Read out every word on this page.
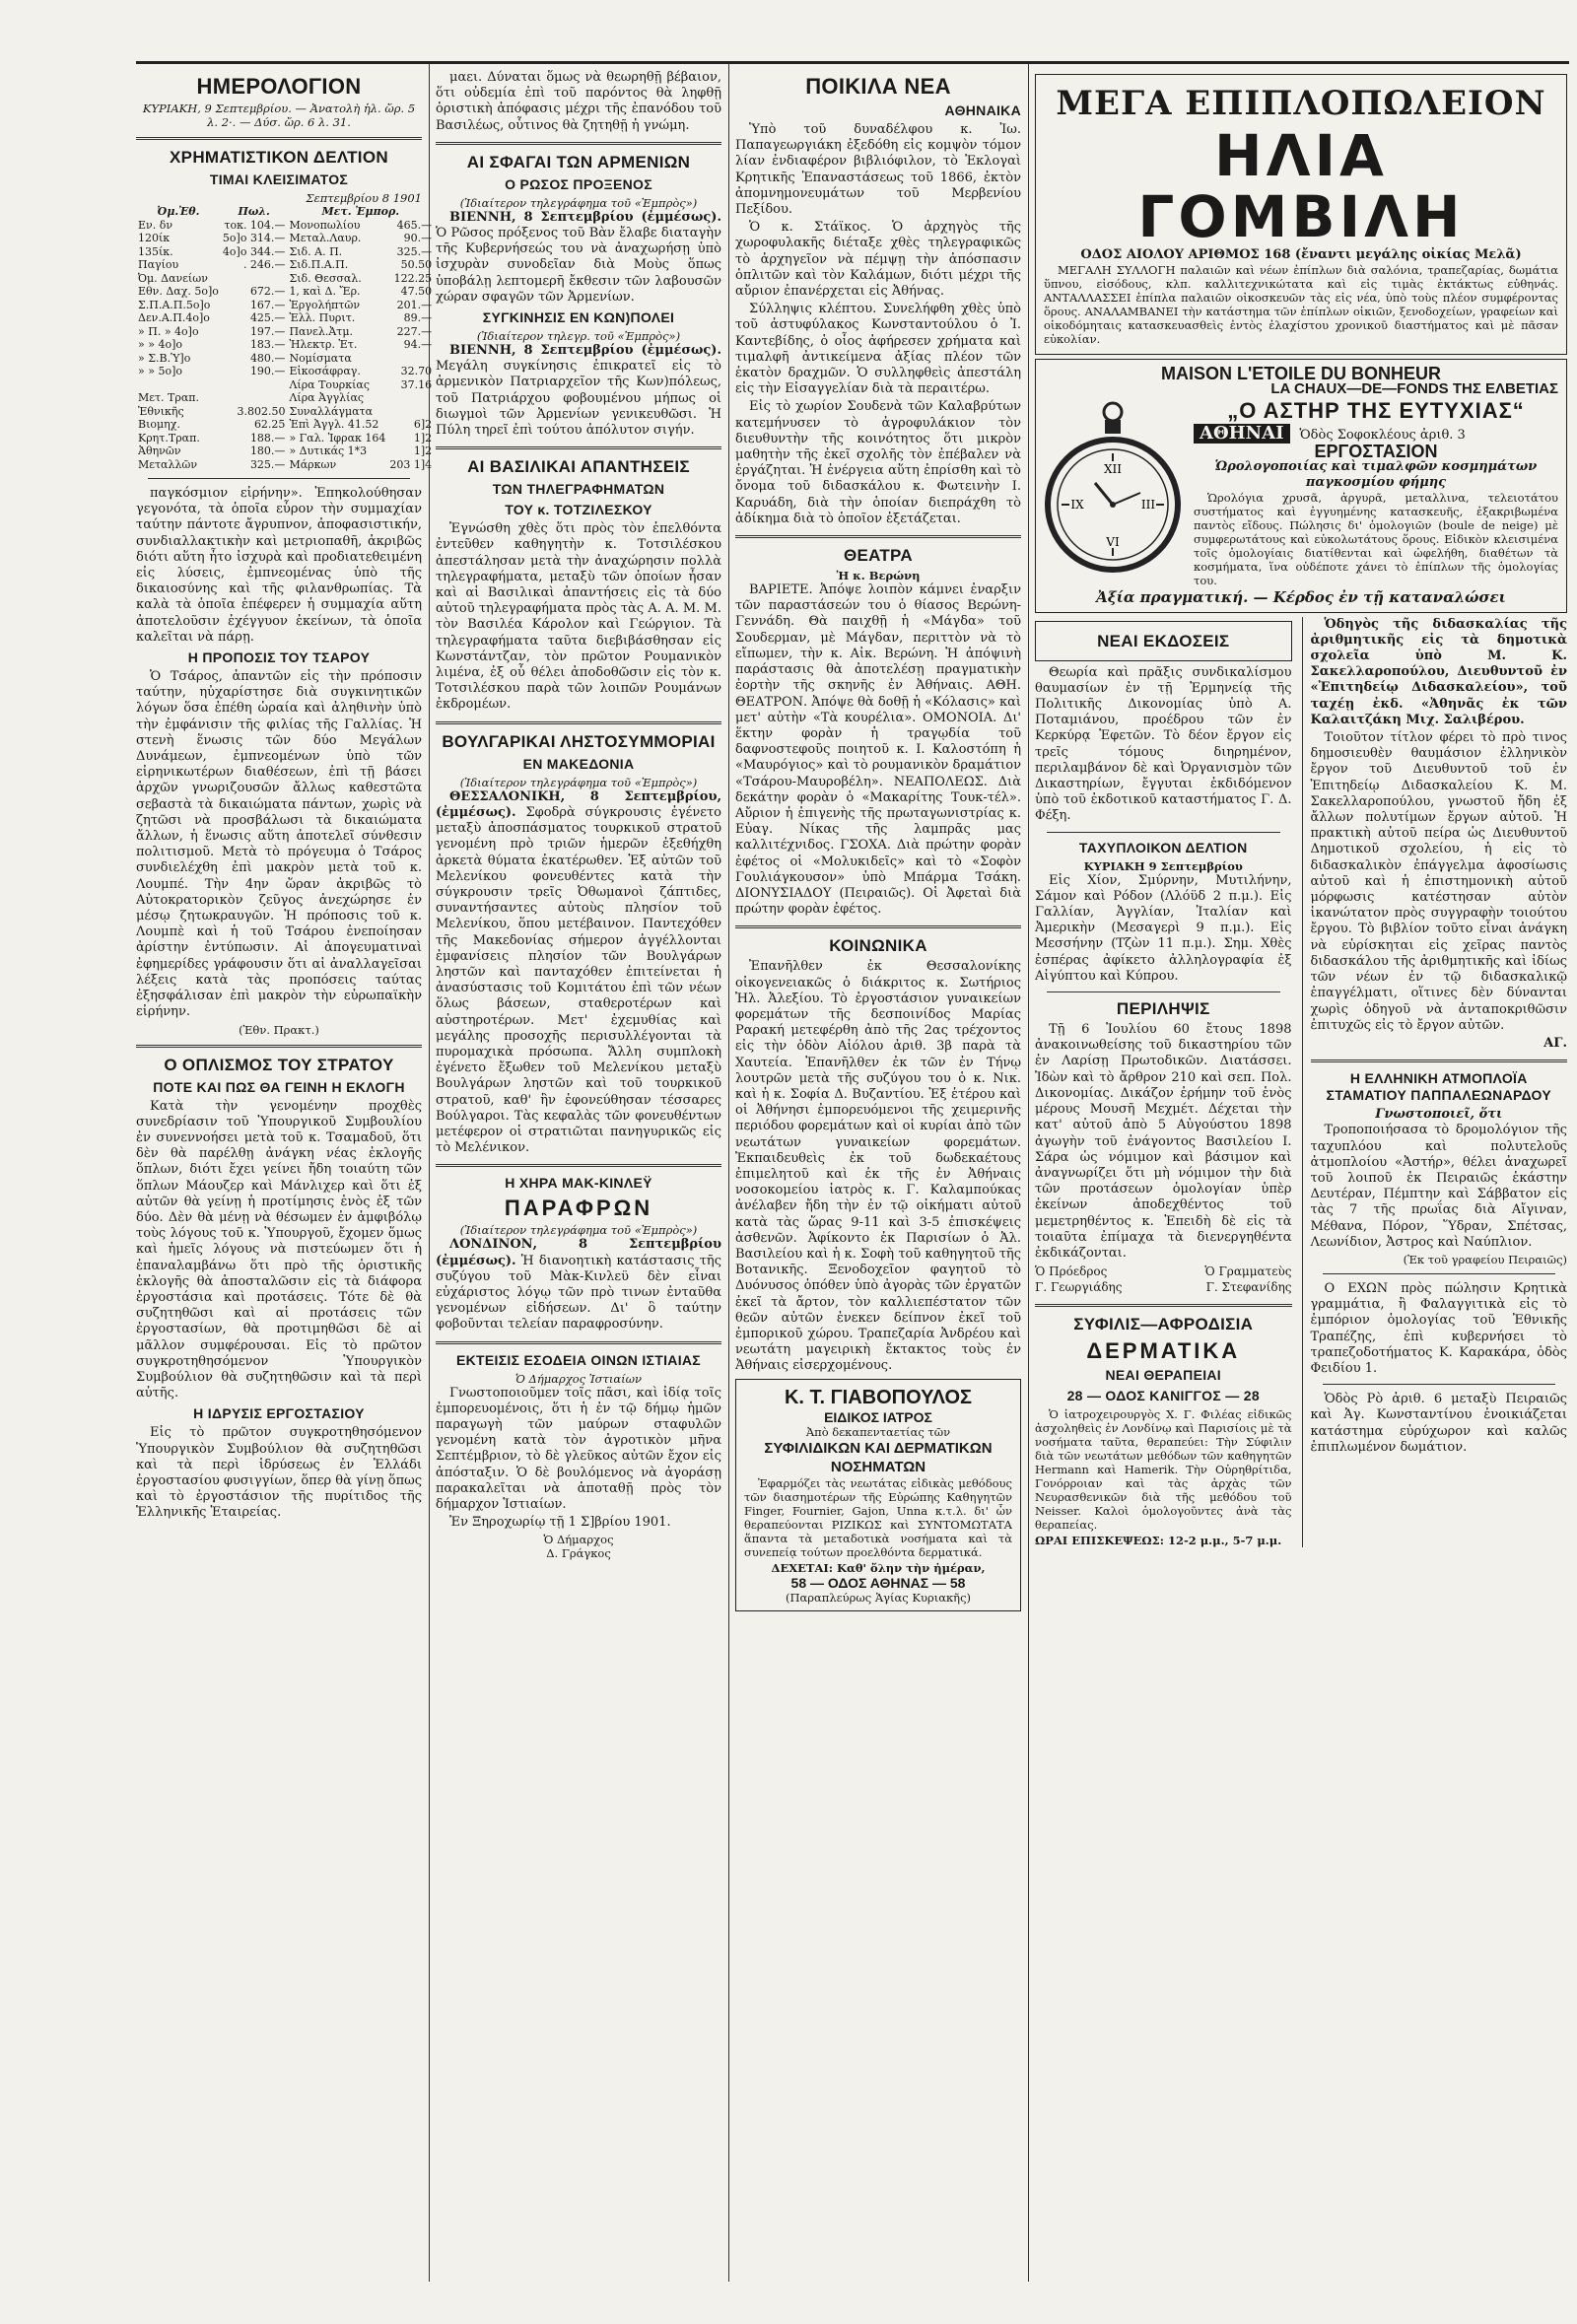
ΗΜΕΡΟΛΟΓΙΟΝ
ΚΥΡΙΑΚΗ, 9 Σεπτεμβρίου. — Ἀνατολὴ ἡλ. ὥρ. 5 λ. 2·. — Δύσ. ὥρ. 6 λ. 31.
ΧΡΗΜΑΤΙΣΤΙΚΟΝ ΔΕΛΤΙΟΝ
ΤΙΜΑΙ ΚΛΕΙΣΙΜΑΤΟΣ
Σεπτεμβρίου 8 1901
Ὀμ.Ἐθ.	Πωλ.	Μετ. Ἐμπορ.	
Εν. δν	τοκ. 104.—	Μονοπωλίου	465.—
120ίκ	5ο]ο 314.—	Μεταλ.Λαυρ.	90.—
135ίκ.	4ο]ο 344.—	Σιδ. Α. Π.	325.—
Παγίου	. 246.—	Σιδ.Π.Α.Π.	50.50
Ὀμ. Δανείων		Σιδ. Θεσσαλ.	122.25
Εθν. Δαχ. 5ο]ο	672.—	1, καὶ Δ. Ἔρ.	47.50
Σ.Π.Α.Π.5ο]ο	167.—	Ἐργολήπτῶν	201.—
Δεν.Α.Π.4ο]ο	425.—	Ἑλλ. Πυριτ.	89.—
» Π. » 4ο]ο	197.—	Πανελ.Ἀτμ.	227.—
» » 4ο]ο	183.—	Ἠλεκτρ. Ἑτ.	94.—
» Σ.Β.Ὑ]ο	480.—	Νομίσματα	
» » 5ο]ο	190.—	Εἰκοσάφραγ.	32.70
		Λίρα Τουρκίας	37.16
Μετ. Τραπ.		Λίρα Ἀγγλίας	
Ἐθνικῆς	3.802.50	Συναλλάγματα	
Βιομηχ.	62.25	Ἐπὶ Ἀγγλ. 41.52	6]2
Κρητ.Τραπ.	188.—	» Γαλ. Ἰφρακ 164	1]2
Ἀθηνῶν	180.—	» Δυτικάς 1*3	1]2
Μεταλλῶν	325.—	Μάρκων	203 1]4

παγκόσμιον εἰρήνην». Ἐπηκολούθησαν γεγονότα, τὰ ὁποῖα εὗρον τὴν συμμαχίαν ταύτην πάντοτε ἄγρυπνον, ἀποφασιστικήν, συνδιαλλακτικὴν καὶ μετριοπαθῆ, ἀκριβῶς διότι αὕτη ἦτο ἰσχυρὰ καὶ προδιατεθειμένη εἰς λύσεις, ἐμπνεομένας ὑπὸ τῆς δικαιοσύνης καὶ τῆς φιλανθρωπίας. Τὰ καλὰ τὰ ὁποῖα ἐπέφερεν ἡ συμμαχία αὕτη ἀποτελοῦσιν ἐχέγγυον ἐκείνων, τὰ ὁποῖα καλεῖται νὰ πάρῃ.

Η ΠΡΟΠΟΣΙΣ ΤΟΥ ΤΣΑΡΟΥ

Ὁ Τσάρος, ἀπαντῶν εἰς τὴν πρόποσιν ταύτην, ηὐχαρίστησε διὰ συγκινητικῶν λόγων ὅσα ἐπέθη ὡραία καὶ ἀληθινὴν ὑπὸ τὴν ἐμφάνισιν τῆς φιλίας τῆς Γαλλίας. Ἡ στενὴ ἕνωσις τῶν δύο Μεγάλων Δυνάμεων, ἐμπνεομένων ὑπὸ τῶν εἰρηνικωτέρων διαθέσεων, ἐπὶ τῇ βάσει ἀρχῶν γνωριζουσῶν ἄλλως καθεστῶτα σεβαστὰ τὰ δικαιώματα πάντων, χωρὶς νὰ ζητῶσι νὰ προσβάλωσι τὰ δικαιώματα ἄλλων, ἡ ἕνωσις αὕτη ἀποτελεῖ σύνθεσιν πολιτισμοῦ. Μετὰ τὸ πρόγευμα ὁ Τσάρος συνδιελέχθη ἐπὶ μακρὸν μετὰ τοῦ κ. Λουμπέ. Τὴν 4ην ὥραν ἀκριβῶς τὸ Αὐτοκρατορικὸν ζεῦγος ἀνεχώρησε ἐν μέσῳ ζητωκραυγῶν. Ἡ πρόποσις τοῦ κ. Λουμπὲ καὶ ἡ τοῦ Τσάρου ἐνεποίησαν ἀρίστην ἐντύπωσιν. Αἱ ἀπογευματιναὶ ἐφημερίδες γράφουσιν ὅτι αἱ ἀναλλαγεῖσαι λέξεις κατὰ τὰς προπόσεις ταύτας ἐξησφάλισαν ἐπὶ μακρὸν τὴν εὐρωπαϊκὴν εἰρήνην.

(Ἐθν. Πρακτ.)
Ο ΟΠΛΙΣΜΟΣ ΤΟΥ ΣΤΡΑΤΟΥ
ΠΟΤΕ ΚΑΙ ΠΩΣ ΘΑ ΓΕΙΝΗ Η ΕΚΛΟΓΗ

Κατὰ τὴν γενομένην προχθὲς συνεδρίασιν τοῦ Ὑπουργικοῦ Συμβουλίου ἐν συνεννοήσει μετὰ τοῦ κ. Τσαμαδοῦ, ὅτι δὲν θὰ παρέλθῃ ἀνάγκη νέας ἐκλογῆς ὅπλων, διότι ἔχει γείνει ἤδη τοιαύτη τῶν ὅπλων Μάουζερ καὶ Μάνλιχερ καὶ ὅτι ἐξ αὐτῶν θὰ γείνῃ ἡ προτίμησις ἑνὸς ἐξ τῶν δύο. Δὲν θὰ μένῃ νὰ θέσωμεν ἐν ἀμφιβόλῳ τοὺς λόγους τοῦ κ. Ὑπουργοῦ, ἔχομεν ὅμως καὶ ἡμεῖς λόγους νὰ πιστεύωμεν ὅτι ἡ ἐπαναλαμβάνω ὅτι πρὸ τῆς ὁριστικῆς ἐκλογῆς θὰ ἀποσταλῶσιν εἰς τὰ διάφορα ἐργοστάσια καὶ προτάσεις. Τότε δὲ θὰ συζητηθῶσι καὶ αἱ προτάσεις τῶν ἐργοστασίων, θὰ προτιμηθῶσι δὲ αἱ μᾶλλον συμφέρουσαι. Εἰς τὸ πρῶτον συγκροτηθησόμενον Ὑπουργικὸν Συμβούλιον θὰ συζητηθῶσιν καὶ τὰ περὶ αὐτῆς.

Η ΙΔΡΥΣΙΣ ΕΡΓΟΣΤΑΣΙΟΥ

Εἰς τὸ πρῶτον συγκροτηθησόμενον Ὑπουργικὸν Συμβούλιον θὰ συζητηθῶσι καὶ τὰ περὶ ἱδρύσεως ἐν Ἑλλάδι ἐργοστασίου φυσιγγίων, ὅπερ θὰ γίνῃ ὅπως καὶ τὸ ἐργοστάσιον τῆς πυρίτιδος τῆς Ἑλληνικῆς Ἑταιρείας.

μαει. Δύναται ὅμως νὰ θεωρηθῇ βέβαιον, ὅτι οὐδεμία ἐπὶ τοῦ παρόντος θὰ ληφθῇ ὁριστικὴ ἀπόφασις μέχρι τῆς ἐπανόδου τοῦ Βασιλέως, οὗτινος θὰ ζητηθῇ ἡ γνώμη.

ΑΙ ΣΦΑΓΑΙ ΤΩΝ ΑΡΜΕΝΙΩΝ
Ο ΡΩΣΟΣ ΠΡΟΞΕΝΟΣ
(Ἰδιαίτερον τηλεγράφημα τοῦ «Ἐμπρὸς»)

ΒΙΕΝΝΗ, 8 Σεπτεμβρίου (ἐμμέσως). Ὁ Ρῶσος πρόξενος τοῦ Βὰν ἔλαβε διαταγὴν τῆς Κυβερνήσεώς του νὰ ἀναχωρήσῃ ὑπὸ ἰσχυρὰν συνοδεῖαν διὰ Μοὺς ὅπως ὑποβάλῃ λεπτομερῆ ἔκθεσιν τῶν λαβουσῶν χώραν σφαγῶν τῶν Ἀρμενίων.

ΣΥΓΚΙΝΗΣΙΣ ΕΝ ΚΩΝ)ΠΟΛΕΙ
(Ἰδιαίτερον τηλεγρ. τοῦ «Ἐμπρὸς»)

ΒΙΕΝΝΗ, 8 Σεπτεμβρίου (ἐμμέσως). Μεγάλη συγκίνησις ἐπικρατεῖ εἰς τὸ ἀρμενικὸν Πατριαρχεῖον τῆς Κων)πόλεως, τοῦ Πατριάρχου φοβουμένου μήπως οἱ διωγμοὶ τῶν Ἀρμενίων γενικευθῶσι. Ἡ Πύλη τηρεῖ ἐπὶ τούτου ἀπόλυτον σιγήν.

ΑΙ ΒΑΣΙΛΙΚΑΙ ΑΠΑΝΤΗΣΕΙΣ
ΤΩΝ ΤΗΛΕΓΡΑΦΗΜΑΤΩΝ
ΤΟΥ κ. ΤΟΤΖΙΛΕΣΚΟΥ

Ἐγνώσθη χθὲς ὅτι πρὸς τὸν ἐπελθόντα ἐντεῦθεν καθηγητὴν κ. Τοτσιλέσκου ἀπεστάλησαν μετὰ τὴν ἀναχώρησιν πολλὰ τηλεγραφήματα, μεταξὺ τῶν ὁποίων ἦσαν καὶ αἱ Βασιλικαὶ ἀπαντήσεις εἰς τὰ δύο αὐτοῦ τηλεγραφήματα πρὸς τὰς Α. Α. Μ. Μ. τὸν Βασιλέα Κάρολον καὶ Γεώργιον. Τὰ τηλεγραφήματα ταῦτα διεβιβάσθησαν εἰς Κωνστάντζαν, τὸν πρῶτον Ρουμανικὸν λιμένα, ἐξ οὗ θέλει ἀποδοθῶσιν εἰς τὸν κ. Τοτσιλέσκου παρὰ τῶν λοιπῶν Ρουμάνων ἐκδρομέων.

ΒΟΥΛΓΑΡΙΚΑΙ ΛΗΣΤΟΣΥΜΜΟΡΙΑΙ
ΕΝ ΜΑΚΕΔΟΝΙΑ
(Ἰδιαίτερον τηλεγράφημα τοῦ «Ἐμπρὸς»)

ΘΕΣΣΑΛΟΝΙΚΗ, 8 Σεπτεμβρίου, (ἐμμέσως). Σφοδρὰ σύγκρουσις ἐγένετο μεταξὺ ἀποσπάσματος τουρκικοῦ στρατοῦ γενομένη πρὸ τριῶν ἡμερῶν ἐξεθήχθη ἀρκετὰ θύματα ἐκατέρωθεν. Ἐξ αὐτῶν τοῦ Μελενίκου φονευθέντες κατὰ τὴν σύγκρουσιν τρεῖς Ὀθωμανοὶ ζάπτιδες, συναντήσαντες αὐτοὺς πλησίον τοῦ Μελενίκου, ὅπου μετέβαινον. Παντεχόθεν τῆς Μακεδονίας σήμερον ἀγγέλλονται ἐμφανίσεις πλησίον τῶν Βουλγάρων ληστῶν καὶ πανταχόθεν ἐπιτείνεται ἡ ἀνασύστασις τοῦ Κομιτάτου ἐπὶ τῶν νέων ὅλως βάσεων, σταθεροτέρων καὶ αὐστηροτέρων. Μετ' ἐχεμυθίας καὶ μεγάλης προσοχῆς περισυλλέγονται τὰ πυρομαχικὰ πρόσωπα. Ἄλλη συμπλοκὴ ἐγένετο ἔξωθεν τοῦ Μελενίκου μεταξὺ Βουλγάρων ληστῶν καὶ τοῦ τουρκικοῦ στρατοῦ, καθ' ἣν ἐφονεύθησαν τέσσαρες Βούλγαροι. Τὰς κεφαλὰς τῶν φονευθέντων μετέφερον οἱ στρατιῶται πανηγυρικῶς εἰς τὸ Μελένικον.

Η ΧΗΡΑ ΜΑΚ-ΚΙΝΛΕΫ
ΠΑΡΑΦΡΩΝ
(Ἰδιαίτερον τηλεγράφημα τοῦ «Ἐμπρὸς»)

ΛΟΝΔΙΝΟΝ, 8 Σεπτεμβρίου (ἐμμέσως). Ἡ διανοητικὴ κατάστασις τῆς συζύγου τοῦ Μὰκ-Κινλεϋ δὲν εἶναι εὐχάριστος λόγῳ τῶν πρὸ τινων ἐνταῦθα γενομένων εἰδήσεων. Δι' ὃ ταύτην φοβοῦνται τελείαν παραφροσύνην.

ΕΚΤΕΙΣΙΣ ΕΣΟΔΕΙΑ ΟΙΝΩΝ ΙΣΤΙΑΙΑΣ
Ὁ Δήμαρχος Ἱστιαίων

Γνωστοποιοῦμεν τοῖς πᾶσι, καὶ ἰδίᾳ τοῖς ἐμπορευομένοις, ὅτι ἡ ἐν τῷ δήμῳ ἡμῶν παραγωγὴ τῶν μαύρων σταφυλῶν γενομένη κατὰ τὸν ἀγροτικὸν μῆνα Σεπτέμβριον, τὸ δὲ γλεῦκος αὐτῶν ἔχον εἰς ἀπόσταξιν. Ὁ δὲ βουλόμενος νὰ ἀγοράσῃ παρακαλεῖται νὰ ἀποταθῇ πρὸς τὸν δήμαρχον Ἱστιαίων.

Ἐν Ξηροχωρίῳ τῇ 1 Σ]βρίου 1901.

Ὁ Δήμαρχος
Δ. Γράγκος
ΠΟΙΚΙΛΑ ΝΕΑ
ΑΘΗΝΑΙΚΑ

Ὑπὸ τοῦ δυναδέλφου κ. Ἰω. Παπαγεωργιάκη ἐξεδόθη εἰς κομψὸν τόμον λίαν ἐνδιαφέρον βιβλιόφιλον, τὸ Ἐκλογαὶ Κρητικῆς Ἐπαναστάσεως τοῦ 1866, ἐκτὸν ἀπομνημονευμάτων τοῦ Μερβενίου Πεξίδου.

Ὁ κ. Στάϊκος. Ὁ ἀρχηγὸς τῆς χωροφυλακῆς διέταξε χθὲς τηλεγραφικῶς τὸ ἀρχηγεῖον νὰ πέμψῃ τὴν ἀπόσπασιν ὁπλιτῶν καὶ τὸν Καλάμων, διότι μέχρι τῆς αὔριον ἐπανέρχεται εἰς Ἀθήνας.

Σύλληψις κλέπτου. Συνελήφθη χθὲς ὑπὸ τοῦ ἀστυφύλακος Κωνσταντούλου ὁ Ἰ. Καντεβίδης, ὁ οἷος ἀφήρεσεν χρήματα καὶ τιμαλφῆ ἀντικείμενα ἀξίας πλέον τῶν ἑκατὸν δραχμῶν. Ὁ συλληφθεὶς ἀπεστάλη εἰς τὴν Εἰσαγγελίαν διὰ τὰ περαιτέρω.

Εἰς τὸ χωρίον Σουδενὰ τῶν Καλαβρύτων κατεμήνυσεν τὸ ἀγροφυλάκιον τὸν διευθυντὴν τῆς κοινότητος ὅτι μικρὸν μαθητὴν τῆς ἐκεῖ σχολῆς τὸν ἐπέβαλεν νὰ ἐργάζηται. Ἡ ἐνέργεια αὕτη ἐπρίσθη καὶ τὸ ὄνομα τοῦ διδασκάλου κ. Φωτεινὴν Ι. Καρυάδη, διὰ τὴν ὁποίαν διεπράχθη τὸ ἀδίκημα διὰ τὸ ὁποῖον ἐξετάζεται.

ΘΕΑΤΡΑ
Ἡ κ. Βερώνη

ΒΑΡΙΕΤΕ. Ἀπόψε λοιπὸν κάμνει ἐναρξιν τῶν παραστάσεών του ὁ θίασος Βερώνη-Γεννάδη. Θὰ παιχθῇ ἡ «Μάγδα» τοῦ Σουδερμαν, μὲ Μάγδαν, περιττὸν νὰ τὸ εἴπωμεν, τὴν κ. Αἰκ. Βερώνη. Ἡ ἀπόψινὴ παράστασις θὰ ἀποτελέσῃ πραγματικὴν ἐορτὴν τῆς σκηνῆς ἐν Ἀθήναις. ΑΘΗ. ΘΕΑΤΡΟΝ. Ἀπόψε θὰ δοθῇ ἡ «Κόλασις» καὶ μετ' αὐτὴν «Τὰ κουρέλια». ΟΜΟΝΟΙΑ. Δι' ἕκτην φορὰν ἡ τραγῳδία τοῦ δαφνοστεφοῦς ποιητοῦ κ. Ι. Καλοστόπη ἡ «Μαυρόγιος» καὶ τὸ ρουμανικὸν δραμάτιον «Τσάρου-Μαυροβέλη». ΝΕΑΠΟΛΕΩΣ. Διὰ δεκάτην φορὰν ὁ «Μακαρίτης Τουκ-τέλ». Αὔριον ἡ ἐπιγενὴς τῆς πρωταγωνιστρίας κ. Εὐαγ. Νίκας τῆς λαμπρᾶς μας καλλιτέχνιδος. ΓΣΟΧΑ. Διὰ πρώτην φορὰν ἐφέτος οἱ «Μολυκιδεῖς» καὶ τὸ «Σοφὸν Γουλιάγκουσον» ὑπὸ Μπάρμα Τσάκη. ΔΙΟΝΥΣΙΑΔΟΥ (Πειραιῶς). Οἱ Ἀφεταὶ διὰ πρώτην φορὰν ἐφέτος.

ΚΟΙΝΩΝΙΚΑ

Ἐπανῆλθεν ἐκ Θεσσαλονίκης οἰκογενειακῶς ὁ διάκριτος κ. Σωτήριος Ἠλ. Ἀλεξίου. Τὸ ἐργοστάσιον γυναικείων φορεμάτων τῆς δεσποινίδος Μαρίας Ραρακή μετεφέρθη ἀπὸ τῆς 2ας τρέχοντος εἰς τὴν ὁδὸν Αἰόλου ἀριθ. 3β παρὰ τὰ Χαυτεία. Ἐπανῆλθεν ἐκ τῶν ἐν Τήνῳ λουτρῶν μετὰ τῆς συζύγου του ὁ κ. Νικ. καὶ ἡ κ. Σοφία Δ. Βυζαντίου. Ἐξ ἑτέρου καὶ οἱ Ἀθήνησι ἐμπορευόμενοι τῆς χειμερινῆς περιόδου φορεμάτων καὶ οἱ κυρίαι ἀπὸ τῶν νεωτάτων γυναικείων φορεμάτων. Ἐκπαιδευθεὶς ἐκ τοῦ δωδεκαέτους ἐπιμελητοῦ καὶ ἐκ τῆς ἐν Ἀθήναις νοσοκομείου ἰατρὸς κ. Γ. Καλαμπούκας ἀνέλαβεν ἤδη τὴν ἐν τῷ οἰκήματι αὐτοῦ κατὰ τὰς ὥρας 9-11 καὶ 3-5 ἐπισκέψεις ἀσθενῶν. Ἀφίκοντο ἐκ Παρισίων ὁ Ἀλ. Βασιλείου καὶ ἡ κ. Σοφὴ τοῦ καθηγητοῦ τῆς Βοτανικῆς. Ξενοδοχεῖον φαγητοῦ τὸ Δυόνυσος ὁπόθεν ὑπὸ ἀγορὰς τῶν ἐργατῶν ἐκεῖ τὰ ἄρτον, τὸν καλλιεπέστατον τῶν θεῶν αὐτῶν ἐνεκεν δείπνον ἐκεῖ τοῦ ἐμπορικοῦ χώρου. Τραπεζαρία Ἀνδρέου καὶ νεωτάτη μαγειρικὴ ἔκτακτος τοὺς ἐν Ἀθήναις εἰσερχομένους.

Κ. Τ. ΓΙΑΒΟΠΟΥΛΟΣ
ΕΙΔΙΚΟΣ ΙΑΤΡΟΣ
Ἀπὸ δεκαπενταετίας τῶν
ΣΥΦΙΛΙΔΙΚΩΝ ΚΑΙ ΔΕΡΜΑΤΙΚΩΝ ΝΟΣΗΜΑΤΩΝ

Ἐφαρμόζει τὰς νεωτάτας εἰδικὰς μεθόδους τῶν διασημοτέρων τῆς Εὐρώπης Καθηγητῶν Finger, Fournier, Gajon, Unna κ.τ.λ. δι' ὧν θεραπεύονται ΡΙΖΙΚΩΣ καὶ ΣΥΝΤΟΜΩΤΑΤΑ ἅπαντα τὰ μεταδοτικὰ νοσήματα καὶ τὰ συνεπείᾳ τούτων προελθόντα δερματικά.

ΔΕΧΕΤΑΙ: Καθ' ὅλην τὴν ἡμέραν,
58 — ΟΔΟΣ ΑΘΗΝΑΣ — 58
(Παραπλεύρως Ἁγίας Κυριακῆς)
ΜΕΓΑ ΕΠΙΠΛΟΠΩΛΕΙΟΝ
ΗΛΙΑ ΓΟΜΒΙΛΗ
ΟΔΟΣ ΑΙΟΛΟΥ ΑΡΙΘΜΟΣ 168 (ἔναντι μεγάλης οἰκίας Μελᾶ)

ΜΕΓΑΛΗ ΣΥΛΛΟΓΗ παλαιῶν καὶ νέων ἐπίπλων διὰ σαλόνια, τραπεζαρίας, δωμάτια ὕπνου, εἰσόδους, κλπ. καλλιτεχνικώτατα καὶ εἰς τιμὰς ἐκτάκτως εὐθηνάς. ΑΝΤΑΛΛΑΣΣΕΙ ἐπίπλα παλαιῶν οἰκοσκευῶν τὰς εἰς νέα, ὑπὸ τοὺς πλέον συμφέροντας ὅρους. ΑΝΑΛΑΜΒΑΝΕΙ τὴν κατάστημα τῶν ἐπίπλων οἰκιῶν, ξενοδοχείων, γραφείων καὶ οἰκοδόμηταις κατασκευασθεὶς ἐντὸς ἐλαχίστου χρονικοῦ διαστήματος καὶ μὲ πᾶσαν εὐκολίαν.

MAISON L'ETOILE DU BONHEUR
LA CHAUX—DE—FONDS ΤΗΣ ΕΛΒΕΤΙΑΣ
XII
III
VI
IX
„Ο ΑΣΤΗΡ ΤΗΣ ΕΥΤΥΧΙΑΣ“
ΑΘΗΝΑΙ	Ὁδὸς Σοφοκλέους ἀριθ. 3
ΕΡΓΟΣΤΑΣΙΟΝ
Ὡρολογοποιίας καὶ τιμαλφῶν κοσμημάτων παγκοσμίου φήμης

Ὡρολόγια χρυσᾶ, ἀργυρᾶ, μεταλλινα, τελειοτάτου συστήματος καὶ ἐγγυημένης κατασκευῆς, ἐξακριβωμένα παντὸς εἴδους. Πώλησις δι' ὁμολογιῶν (boule de neige) μὲ συμφερωτάτους καὶ εὐκολωτάτους ὅρους. Εἰδικὸν κλεισιμένα τοῖς ὁμολογίαις διατίθενται καὶ ὠφελήθη, διαθέτων τὰ κοσμήματα, ἵνα οὐδέποτε χάνει τὸ ἐπίπλων τῆς ὁμολογίας του.

Ἀξία πραγματική. — Κέρδος ἐν τῇ καταναλώσει
ΝΕΑΙ ΕΚΔΟΣΕΙΣ

Θεωρία καὶ πρᾶξις συνδικαλίσμου θαυμασίων ἐν τῇ Ἑρμηνείᾳ τῆς Πολιτικῆς Δικονομίας ὑπὸ Α. Ποταμιάνου, προέδρου τῶν ἐν Κερκύρᾳ Ἐφετῶν. Τὸ δέον ἔργον εἰς τρεῖς τόμους διηρημένον, περιλαμβάνον δὲ καὶ Ὀργανισμὸν τῶν Δικαστηρίων, ἔγγυται ἐκδιδόμενον ὑπὸ τοῦ ἐκδοτικοῦ καταστήματος Γ. Δ. Φέξη.

ΤΑΧΥΠΛΟΙΚΟΝ ΔΕΛΤΙΟΝ
ΚΥΡΙΑΚΗ 9 Σεπτεμβρίου

Εἰς Χίον, Σμύρνην, Μυτιλήνην, Σάμον καὶ Ρόδον (Λλόϋδ 2 π.μ.). Εἰς Γαλλίαν, Ἀγγλίαν, Ἰταλίαν καὶ Ἀμερικὴν (Μεσαγερὶ 9 π.μ.). Εἰς Μεσσήνην (Τζὼν 11 π.μ.). Σημ. Χθὲς ἐσπέρας ἀφίκετο ἀλληλογραφία ἐξ Αἰγύπτου καὶ Κύπρου.

ΠΕΡΙΛΗΨΙΣ

Τῇ 6 Ἰουλίου 60 ἔτους 1898 ἀνακοινωθείσης τοῦ δικαστηρίου τῶν ἐν Λαρίσῃ Πρωτοδικῶν. Διατάσσει. Ἰδὼν καὶ τὸ ἄρθρον 210 καὶ σεπ. Πολ. Δικονομίας. Δικάζον ἐρήμην τοῦ ἑνὸς μέρους Μουσῆ Μεχμέτ. Δέχεται τὴν κατ' αὐτοῦ ἀπὸ 5 Αὐγούστου 1898 ἀγωγὴν τοῦ ἐνάγοντος Βασιλείου Ι. Σάρα ὡς νόμιμον καὶ βάσιμον καὶ ἀναγνωρίζει ὅτι μὴ νόμιμον τὴν διὰ τῶν προτάσεων ὁμολογίαν ὑπὲρ ἐκείνων ἀποδεχθέντος τοῦ μεμετρηθέντος κ. Ἐπειδὴ δὲ εἰς τὰ τοιαῦτα ἐπίμαχα τὰ διενεργηθέντα ἐκδικάζονται.

Ὁ Πρόεδρος
Γ. Γεωργιάδης
Ὁ Γραμματεὺς
Γ. Στεφανίδης
ΣΥΦΙΛΙΣ—ΑΦΡΟΔΙΣΙΑ
ΔΕΡΜΑΤΙΚΑ
ΝΕΑΙ ΘΕΡΑΠΕΙΑΙ
28 — ΟΔΟΣ ΚΑΝΙΓΓΟΣ — 28

Ὁ ἰατροχειρουργὸς Χ. Γ. Φιλέας εἰδικῶς ἀσχοληθεὶς ἐν Λονδίνῳ καὶ Παρισίοις μὲ τὰ νοσήματα ταῦτα, θεραπεύει: Τὴν Σύφιλιν διὰ τῶν νεωτάτων μεθόδων τῶν καθηγητῶν Hermann καὶ Hamerik. Τὴν Οὐρηθρίτιδα, Γονόρροιαν καὶ τὰς ἀρχὰς τῶν Νευρασθενικῶν διὰ τῆς μεθόδου τοῦ Neisser. Καλοὶ ὁμολογοῦντες ἀνὰ τὰς θεραπείας.

ΩΡΑΙ ΕΠΙΣΚΕΨΕΩΣ: 12-2 μ.μ., 5-7 μ.μ.

Ὁδηγὸς τῆς διδασκαλίας τῆς ἀριθμητικῆς εἰς τὰ δημοτικὰ σχολεῖα ὑπὸ Μ. Κ. Σακελλαροπούλου, Διευθυντοῦ ἐν «Ἐπιτηδείῳ Διδασκαλείου», τοῦ ταχέῃ ἐκδ. «Ἀθηνᾶς ἐκ τῶν Καλαιτζάκη Μιχ. Σαλιβέρου.

Τοιοῦτον τίτλον φέρει τὸ πρὸ τινος δημοσιευθὲν θαυμάσιον ἐλληνικὸν ἔργον τοῦ Διευθυντοῦ τοῦ ἐν Ἐπιτηδείῳ Διδασκαλείου Κ. Μ. Σακελλαροπούλου, γνωστοῦ ἤδη ἐξ ἄλλων πολυτίμων ἔργων αὐτοῦ. Ἡ πρακτικὴ αὐτοῦ πείρα ὡς Διευθυντοῦ Δημοτικοῦ σχολείου, ἡ εἰς τὸ διδασκαλικὸν ἐπάγγελμα ἀφοσίωσις αὐτοῦ καὶ ἡ ἐπιστημονικὴ αὐτοῦ μόρφωσις κατέστησαν αὐτὸν ἱκανώτατον πρὸς συγγραφὴν τοιούτου ἔργου. Τὸ βιβλίον τοῦτο εἶναι ἀνάγκη νὰ εὑρίσκηται εἰς χεῖρας παντὸς διδασκάλου τῆς ἀριθμητικῆς καὶ ἰδίως τῶν νέων ἐν τῷ διδασκαλικῷ ἐπαγγέλματι, οἵτινες δὲν δύνανται χωρὶς ὁδηγοῦ νὰ ἀνταποκριθῶσιν ἐπιτυχῶς εἰς τὸ ἔργον αὐτῶν.

ΑΓ.
Η ΕΛΛΗΝΙΚΗ ΑΤΜΟΠΛΟΪΑ ΣΤΑΜΑΤΙΟΥ ΠΑΠΠΑΛΕΩΝΑΡΔΟΥ
Γνωστοποιεῖ, ὅτι

Τροποποιήσασα τὸ δρομολόγιον τῆς ταχυπλόου καὶ πολυτελοῦς ἀτμοπλοίου «Ἀστήρ», θέλει ἀναχωρεῖ τοῦ λοιποῦ ἐκ Πειραιῶς ἑκάστην Δευτέραν, Πέμπτην καὶ Σάββατον εἰς τὰς 7 τῆς πρωΐας διὰ Αἴγιναν, Μέθανα, Πόρον, Ὕδραν, Σπέτσας, Λεωνίδιον, Ἀστρος καὶ Ναύπλιον.

(Ἐκ τοῦ γραφείου Πειραιῶς)

Ο ΕΧΩΝ πρὸς πώλησιν Κρητικὰ γραμμάτια, ἢ Φαλαγγιτικὰ εἰς τὸ ἐμπόριον ὁμολογίας τοῦ Ἐθνικῆς Τραπέζης, ἐπὶ κυβερνήσει τὸ τραπεζοδοτήματος Κ. Καρακάρα, ὁδὸς Φειδίου 1.

Ὁδὸς Ρὸ ἀριθ. 6 μεταξὺ Πειραιῶς καὶ Ἀγ. Κωνσταντίνου ἐνοικιάζεται κατάστημα εὐρύχωρον καὶ καλῶς ἐπιπλωμένον δωμάτιον.
